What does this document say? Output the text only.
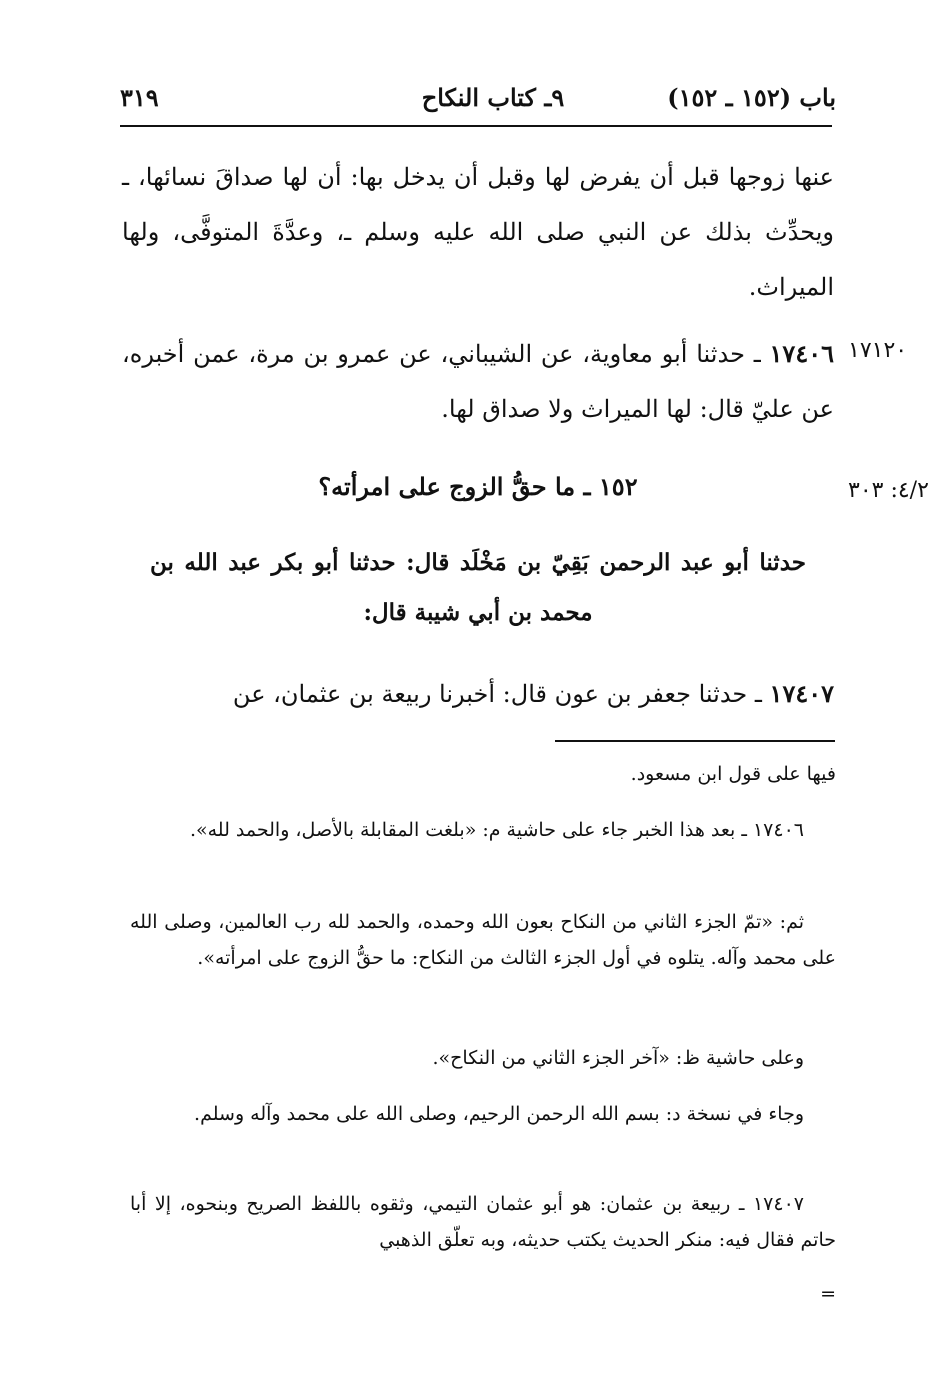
باب (١٥٢ ـ ١٥٢)
٩ـ كتاب النكاح
٣١٩
عنها زوجها قبل أن يفرض لها وقبل أن يدخل بها: أن لها صداقَ نسائها، ـ ويحدِّث بذلك عن النبي صلى الله عليه وسلم ـ، وعدَّةَ المتوفَّى، ولها الميراث.
١٧١٢٠
١٧٤٠٦ ـ حدثنا أبو معاوية، عن الشيباني، عن عمرو بن مرة، عمن أخبره، عن عليّ قال: لها الميراث ولا صداق لها.
٤/٢: ٣٠٣
١٥٢ ـ ما حقُّ الزوج على امرأته؟
حدثنا أبو عبد الرحمن بَقِيّ بن مَخْلَد قال: حدثنا أبو بكر عبد الله بن محمد بن أبي شيبة قال:
١٧٤٠٧ ـ حدثنا جعفر بن عون قال: أخبرنا ربيعة بن عثمان، عن
فيها على قول ابن مسعود.
١٧٤٠٦ ـ بعد هذا الخبر جاء على حاشية م: «بلغت المقابلة بالأصل، والحمد لله».
ثم: «تمّ الجزء الثاني من النكاح بعون الله وحمده، والحمد لله رب العالمين، وصلى الله على محمد وآله. يتلوه في أول الجزء الثالث من النكاح: ما حقُّ الزوج على امرأته».
وعلى حاشية ظ: «آخر الجزء الثاني من النكاح».
وجاء في نسخة د: بسم الله الرحمن الرحيم، وصلى الله على محمد وآله وسلم.
١٧٤٠٧ ـ ربيعة بن عثمان: هو أبو عثمان التيمي، وثقوه باللفظ الصريح وبنحوه، إلا أبا حاتم فقال فيه: منكر الحديث يكتب حديثه، وبه تعلّق الذهبي
=
